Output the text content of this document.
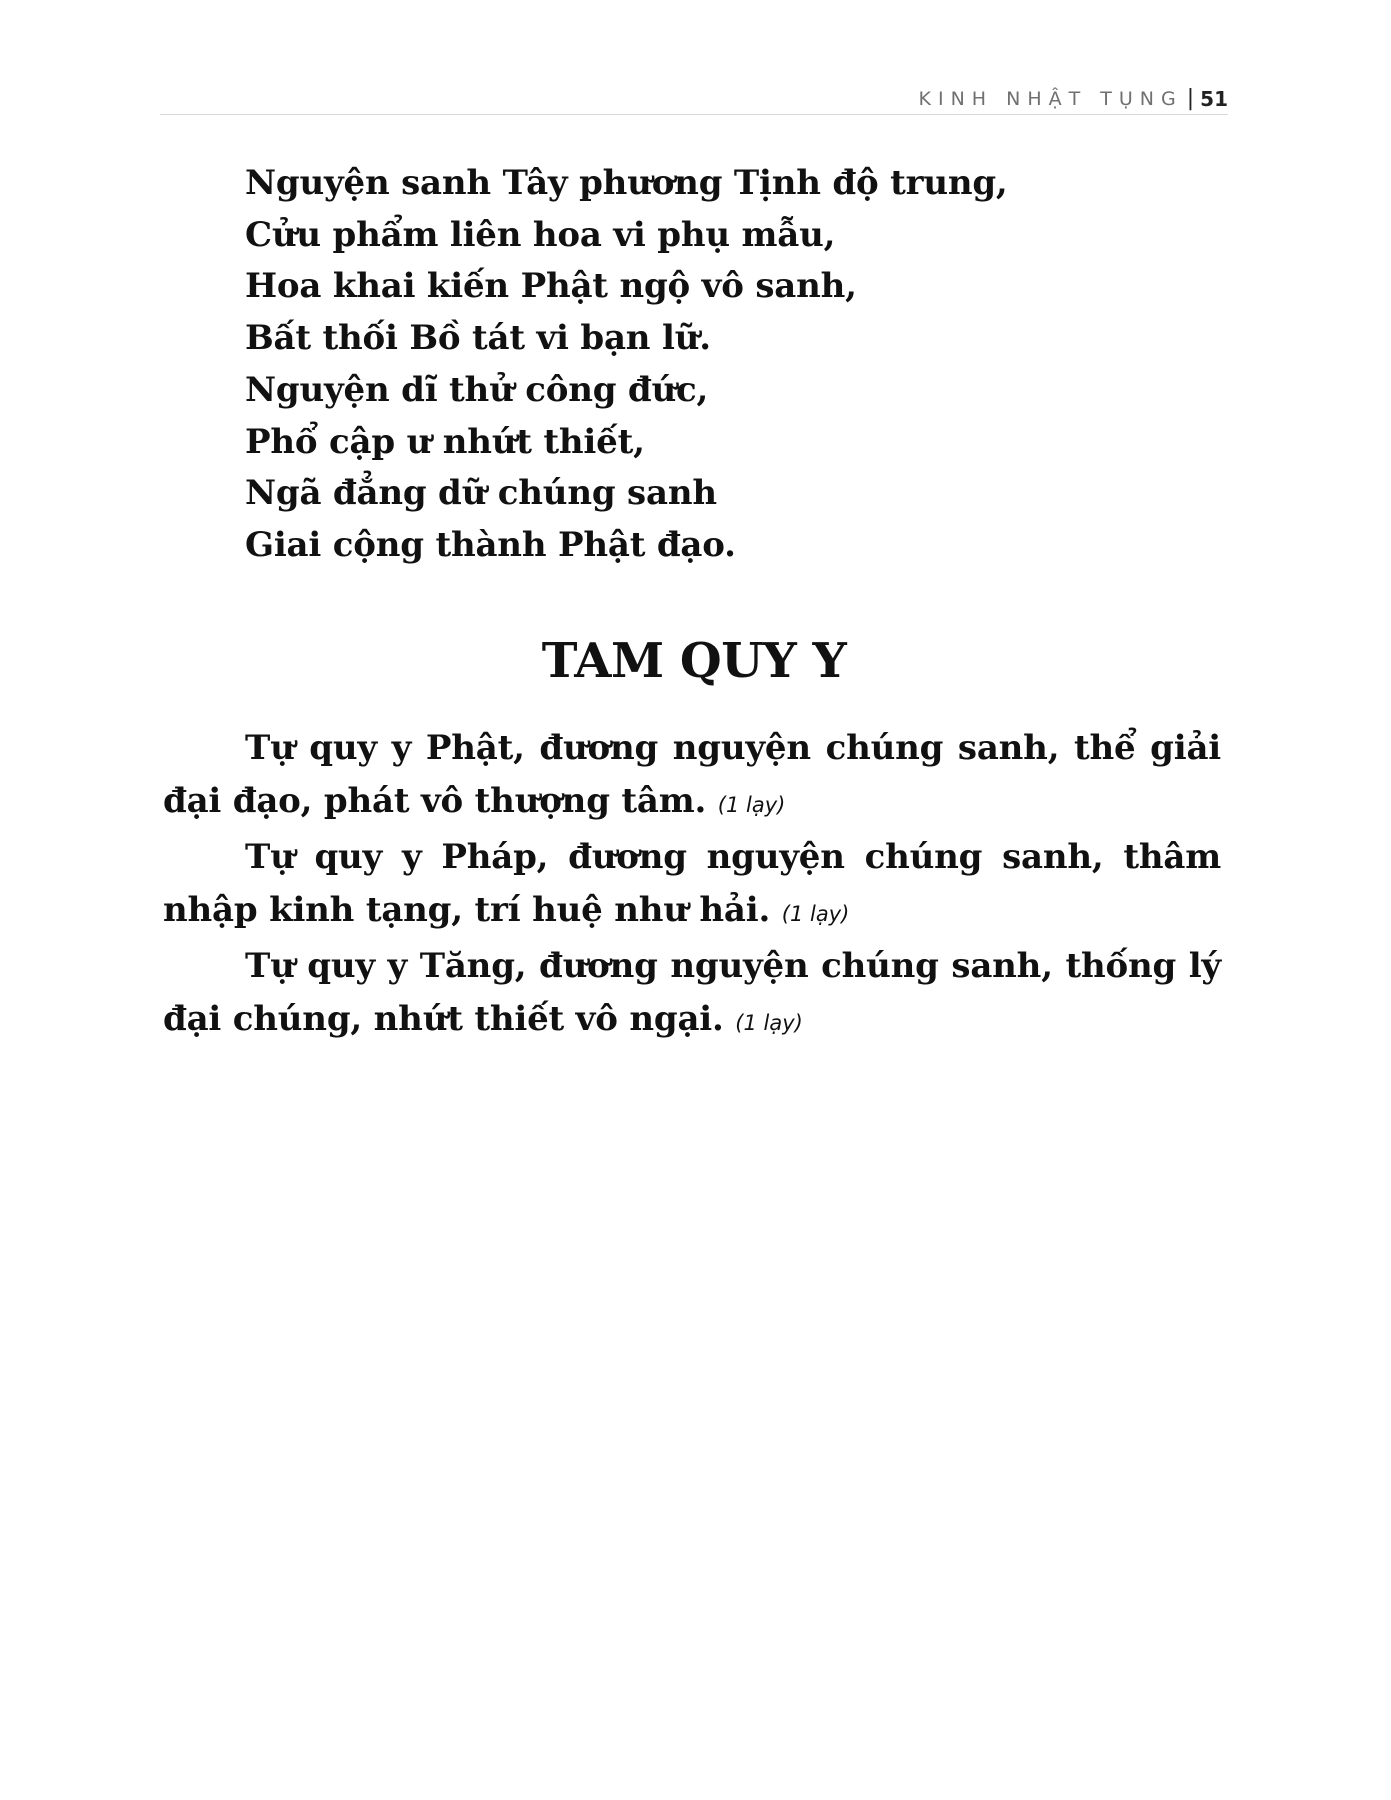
KINH NHẬT TỤNG | 51
Nguyện sanh Tây phương Tịnh độ trung,
Cửu phẩm liên hoa vi phụ mẫu,
Hoa khai kiến Phật ngộ vô sanh,
Bất thối Bồ tát vi bạn lữ.
Nguyện dĩ thử công đức,
Phổ cập ư nhứt thiết,
Ngã đẳng dữ chúng sanh
Giai cộng thành Phật đạo.
TAM QUY Y

Tự quy y Phật, đương nguyện chúng sanh, thể giải đại đạo, phát vô thượng tâm. (1 lạy)

Tự quy y Pháp, đương nguyện chúng sanh, thâm nhập kinh tạng, trí huệ như hải. (1 lạy)

Tự quy y Tăng, đương nguyện chúng sanh, thống lý đại chúng, nhứt thiết vô ngại. (1 lạy)
